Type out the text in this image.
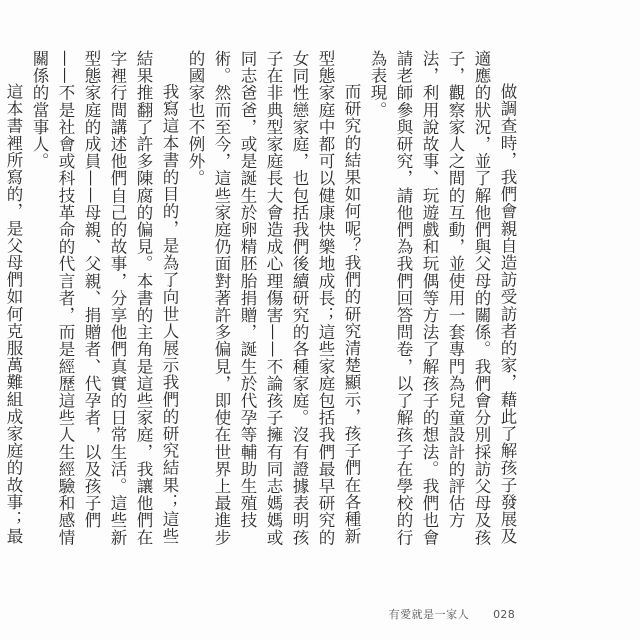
做調查時，我們會親自造訪受訪者的家，藉此了解孩子發展及適應的狀況，並了解他們與父母的關係。我們會分別採訪父母及孩子，觀察家人之間的互動，並使用一套專門為兒童設計的評估方法，利用說故事、玩遊戲和玩偶等方法了解孩子的想法。我們也會請老師參與研究，請他們為我們回答問卷，以了解孩子在學校的行為表現。

而研究的結果如何呢？我們的研究清楚顯示，孩子們在各種新型態家庭中都可以健康快樂地成長；這些家庭包括我們最早研究的女同性戀家庭，也包括我們後續研究的各種家庭。沒有證據表明孩子在非典型家庭長大會造成心理傷害——不論孩子擁有同志媽媽或同志爸爸，或是誕生於卵精胚胎捐贈，誕生於代孕等輔助生殖技術。然而至今，這些家庭仍面對著許多偏見，即使在世界上最進步的國家也不例外。

我寫這本書的目的，是為了向世人展示我們的研究結果；這些結果推翻了許多陳腐的偏見。本書的主角是這些家庭，我讓他們在字裡行間講述他們自己的故事，分享他們真實的日常生活。這些新型態家庭的成員——母親、父親、捐贈者、代孕者，以及孩子們——不是社會或科技革命的代言者，而是經歷這些人生經驗和感情關係的當事人。

這本書裡所寫的，是父母們如何克服萬難組成家庭的故事；最

有愛就是一家人 028
